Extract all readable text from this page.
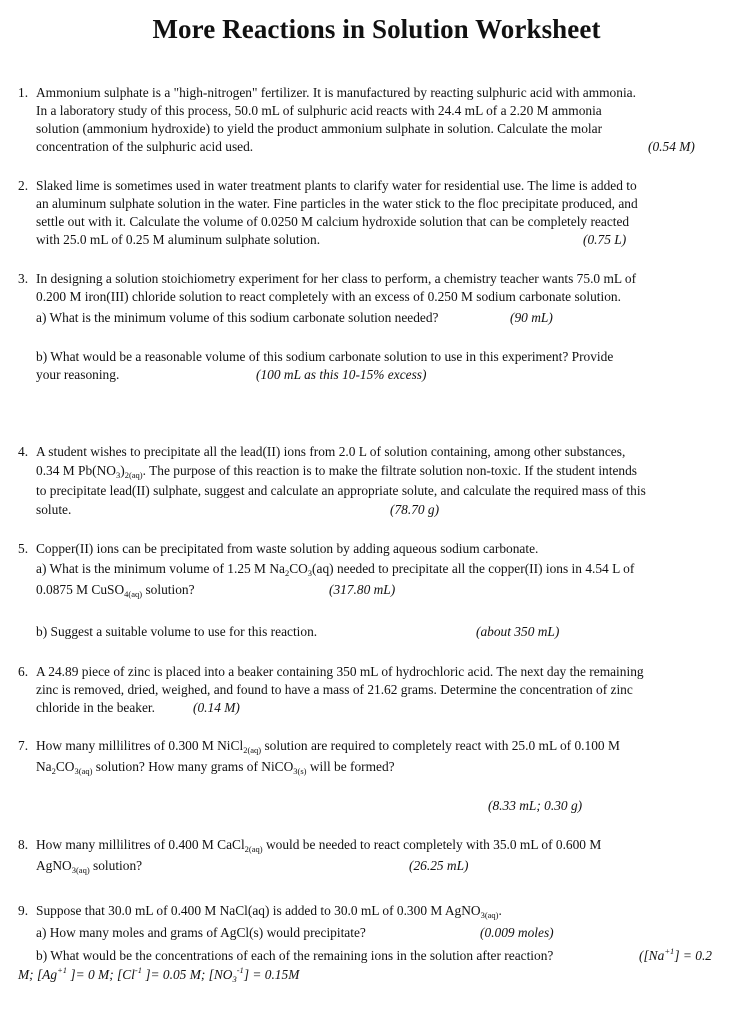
More Reactions in Solution Worksheet
1. Ammonium sulphate is a "high-nitrogen" fertilizer. It is manufactured by reacting sulphuric acid with ammonia.
In a laboratory study of this process, 50.0 mL of sulphuric acid reacts with 24.4 mL of a 2.20 M ammonia
solution (ammonium hydroxide) to yield the product ammonium sulphate in solution. Calculate the molar
concentration of the sulphuric acid used.	(0.54 M)
2. Slaked lime is sometimes used in water treatment plants to clarify water for residential use. The lime is added to
an aluminum sulphate solution in the water. Fine particles in the water stick to the floc precipitate produced, and
settle out with it. Calculate the volume of 0.0250 M calcium hydroxide solution that can be completely reacted
with 25.0 mL of 0.25 M aluminum sulphate solution.	(0.75 L)
3. In designing a solution stoichiometry experiment for her class to perform, a chemistry teacher wants 75.0 mL of
0.200 M iron(III) chloride solution to react completely with an excess of 0.250 M sodium carbonate solution.
a) What is the minimum volume of this sodium carbonate solution needed?	(90 mL)
b) What would be a reasonable volume of this sodium carbonate solution to use in this experiment? Provide
your reasoning.	(100 mL as this 10-15% excess)
4. A student wishes to precipitate all the lead(II) ions from 2.0 L of solution containing, among other substances,
0.34 M $Pb(NO_3)_{2(aq)}$. The purpose of this reaction is to make the filtrate solution non-toxic. If the student intends
to precipitate lead(II) sulphate, suggest and calculate an appropriate solute, and calculate the required mass of this
solute.	(78.70 g)
5. Copper(II) ions can be precipitated from waste solution by adding aqueous sodium carbonate.
a) What is the minimum volume of 1.25 M $Na_2CO_3(aq)$ needed to precipitate all the copper(II) ions in 4.54 L of
0.0875 M CuSO$_{4(aq)}$ solution?	(317.80 mL)
b) Suggest a suitable volume to use for this reaction.	(about 350 mL)
6. A 24.89 piece of zinc is placed into a beaker containing 350 mL of hydrochloric acid. The next day the remaining
zinc is removed, dried, weighed, and found to have a mass of 21.62 grams. Determine the concentration of zinc
chloride in the beaker.	(0.14 M)
7. How many millilitres of 0.300 M NiCl$_{2(aq)}$ solution are required to completely react with 25.0 mL of 0.100 M
$Na_2CO_{3(aq)}$ solution? How many grams of NiCO$_{3(s)}$ will be formed?
(8.33 mL; 0.30 g)
8. How many millilitres of 0.400 M CaCl$_{2(aq)}$ would be needed to react completely with 35.0 mL of 0.600 M
AgNO$_{3(aq)}$ solution?	(26.25 mL)
9. Suppose that 30.0 mL of 0.400 M NaCl(aq) is added to 30.0 mL of 0.300 M AgNO$_{3(aq)}$.
a) How many moles and grams of AgCl(s) would precipitate?	(0.009 moles)
b) What would be the concentrations of each of the remaining ions in the solution after reaction?	($[Na^{+1}] = 0.2$
M; [$Ag^{+1}$ ]= 0 M; [$Cl^{-1}$ ]= 0.05 M; $[NO_3^{-1}] = 0.15M$
